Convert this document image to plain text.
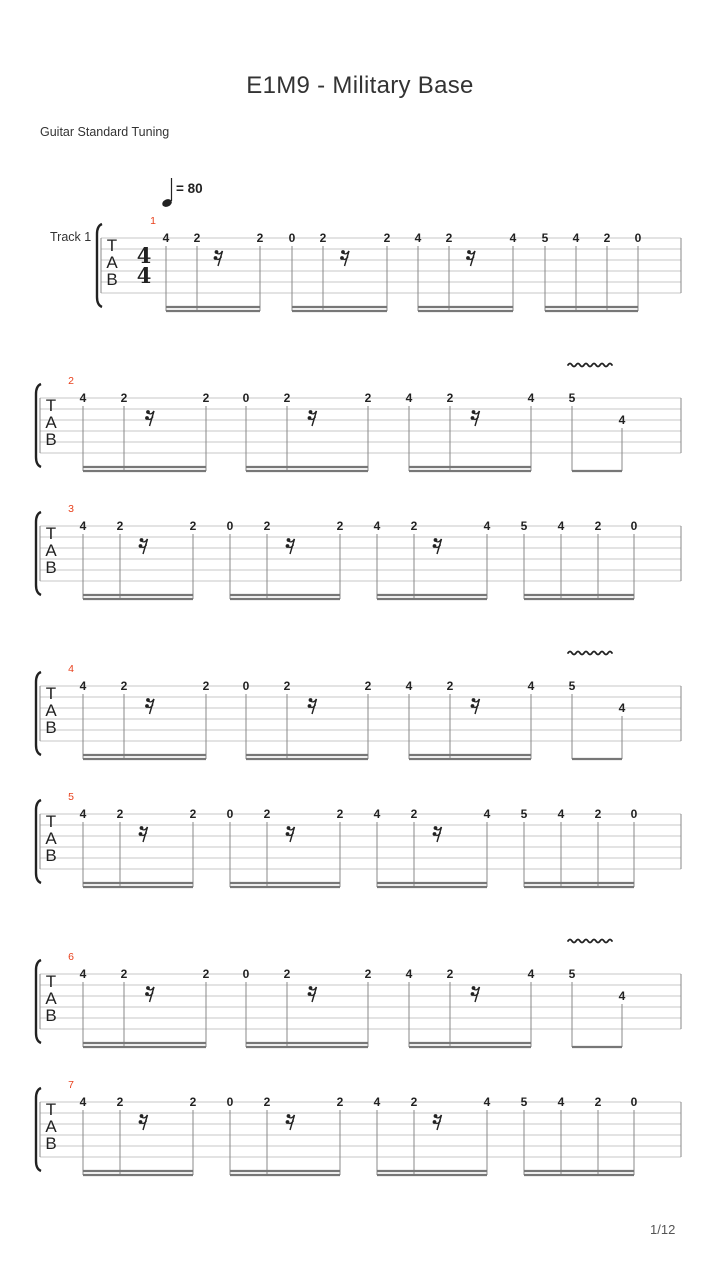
E1M9 - Military Base
Guitar Standard Tuning
= 80
Track 1
1/12
T
A
B
4
4
1
4 2	2 0 2	2 4 2	4 5 4 2 0
T
A
B
2
4	2	2	0	2	2	4	2	4	5
4
T
A
B
3
4	2	2	0	2	2	4	2	4	5	4	2 0
T
A
B
4
4	2	2	0	2	2	4	2	4	5
4
T
A
B
5
4	2	2	0	2	2	4	2	4	5	4	2 0
T
A
B
6
4	2	2	0	2	2	4	2	4	5
4
T
A
B
7
4	2	2	0	2	2	4	2	4	5	4	2 0
